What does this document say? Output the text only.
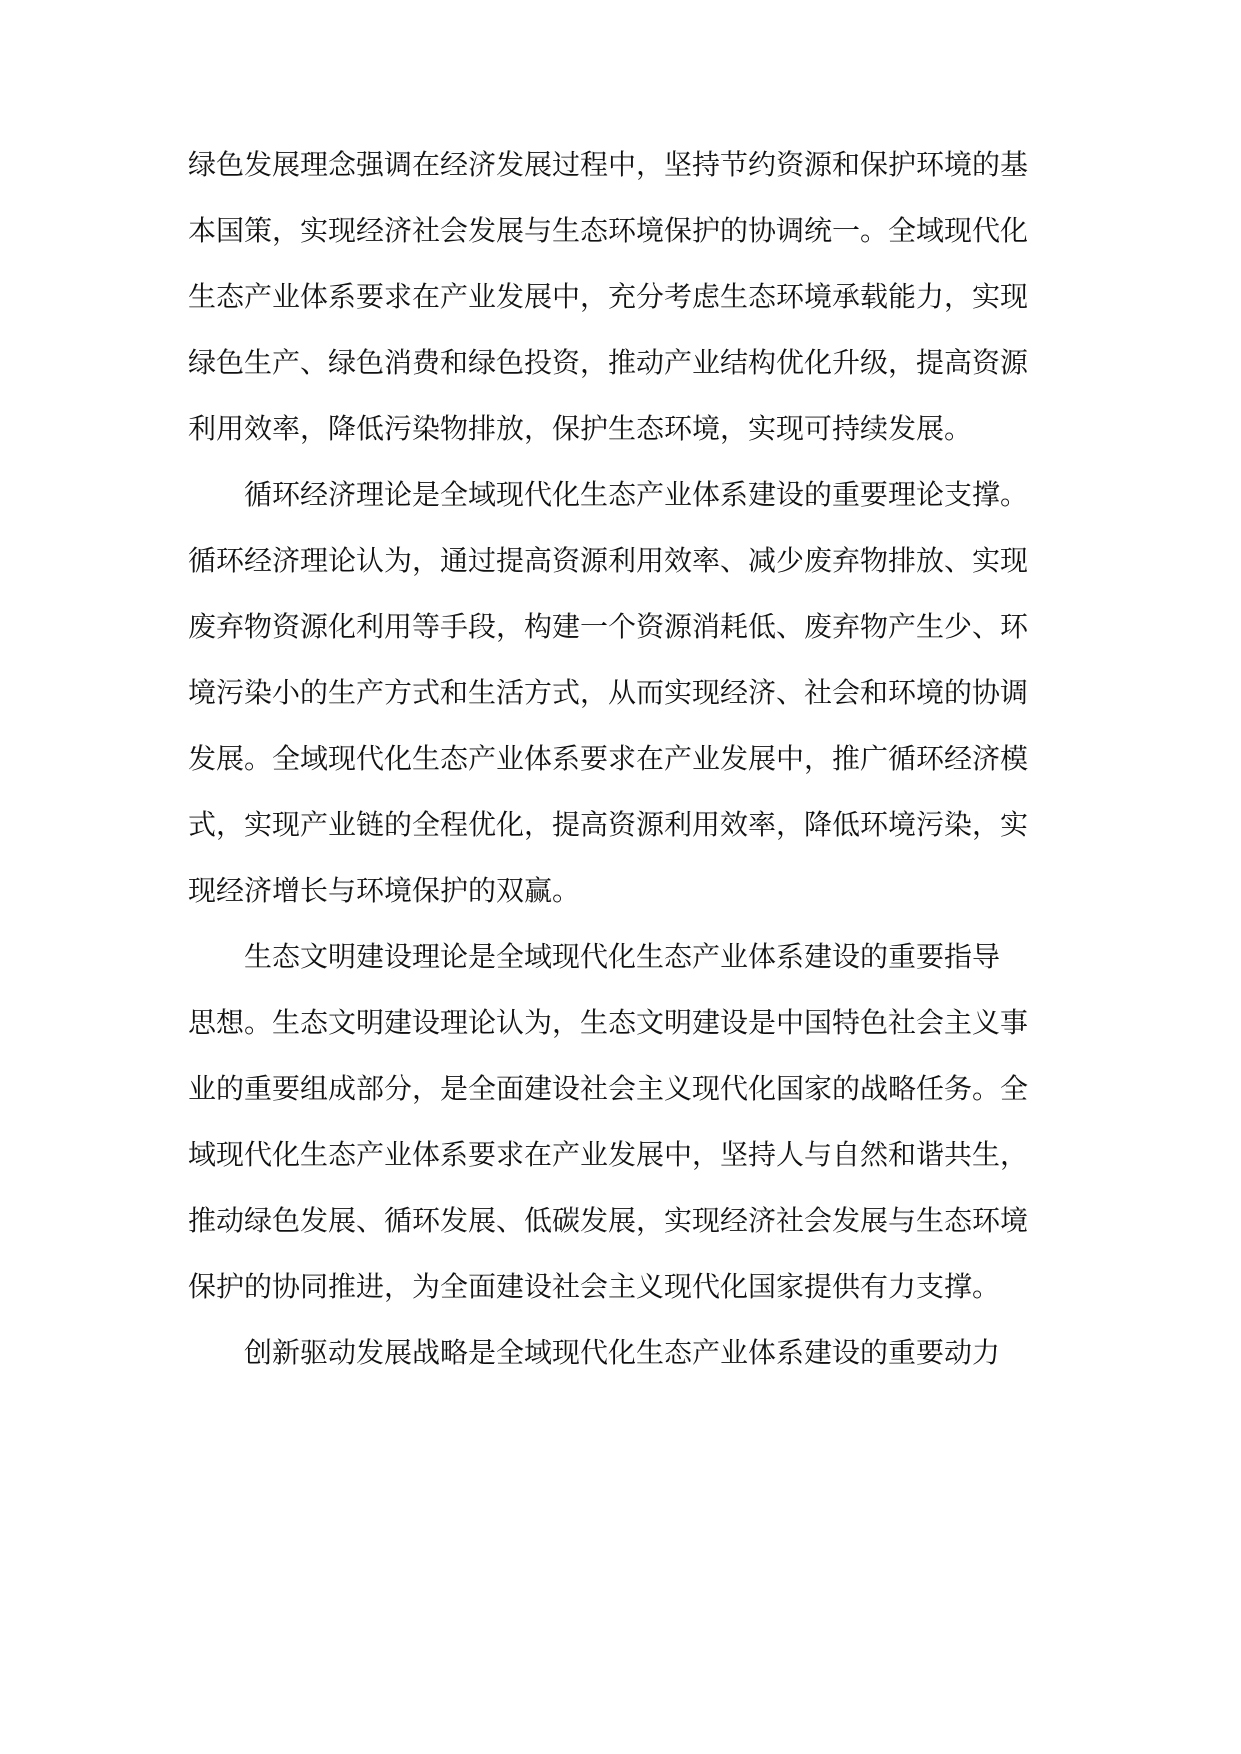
绿色发展理念强调在经济发展过程中，坚持节约资源和保护环境的基
本国策，实现经济社会发展与生态环境保护的协调统一。全域现代化
生态产业体系要求在产业发展中，充分考虑生态环境承载能力，实现
绿色生产、绿色消费和绿色投资，推动产业结构优化升级，提高资源
利用效率，降低污染物排放，保护生态环境，实现可持续发展。
循环经济理论是全域现代化生态产业体系建设的重要理论支撑。
循环经济理论认为，通过提高资源利用效率、减少废弃物排放、实现
废弃物资源化利用等手段，构建一个资源消耗低、废弃物产生少、环
境污染小的生产方式和生活方式，从而实现经济、社会和环境的协调
发展。全域现代化生态产业体系要求在产业发展中，推广循环经济模
式，实现产业链的全程优化，提高资源利用效率，降低环境污染，实
现经济增长与环境保护的双赢。
生态文明建设理论是全域现代化生态产业体系建设的重要指导
思想。生态文明建设理论认为，生态文明建设是中国特色社会主义事
业的重要组成部分，是全面建设社会主义现代化国家的战略任务。全
域现代化生态产业体系要求在产业发展中，坚持人与自然和谐共生，
推动绿色发展、循环发展、低碳发展，实现经济社会发展与生态环境
保护的协同推进，为全面建设社会主义现代化国家提供有力支撑。
创新驱动发展战略是全域现代化生态产业体系建设的重要动力
